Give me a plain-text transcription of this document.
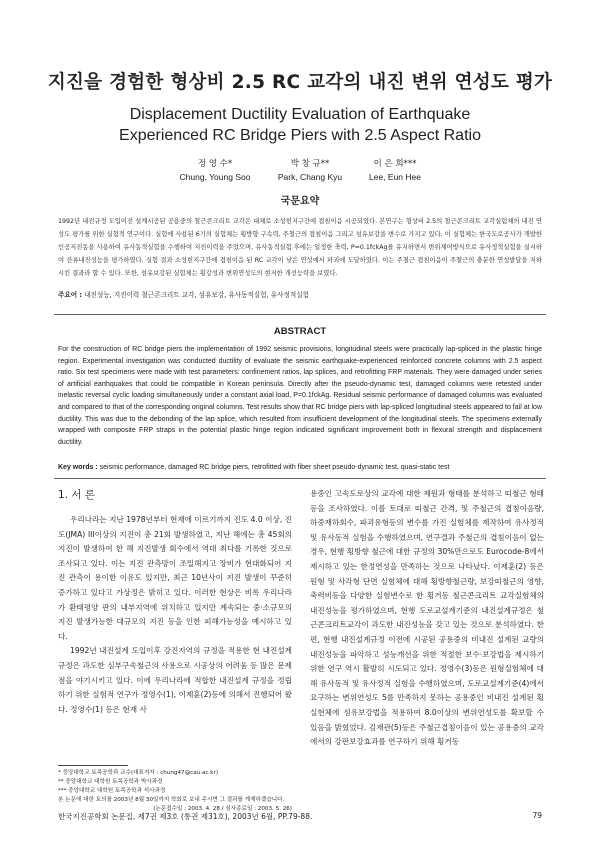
지진을 경험한 형상비 2.5 RC 교각의 내진 변위 연성도 평가
Displacement Ductility Evaluation of Earthquake
Experienced RC Bridge Piers with 2.5 Aspect Ratio
정 영 수*
Chung, Young Soo
박 창 규**
Park, Chang Kyu
이 은 희***
Lee, Eun Hee
국문요약
1992년 내진규정 도입이전 설계시공된 공용중의 철근콘크리트 교각은 대체로 소성힌지구간에 겹침이음 시공되었다. 본연구는 형상비 2.5의 철근콘크리트 교각실험체의 내진 연성도 평가를 위한 실험적 연구이다. 실험에 사용된 6기의 실험체는 횡방향 구속력, 주철근의 겹침이음 그리고 섬유보강을 변수로 가지고 있다. 이 실험체는 한국도로공사가 개발한 인공지진동을 사용하여 유사동적실험을 수행하여 지진이력을 주었으며, 유사동적실험 후에는 일정한 축력, P=0.1fckAg를 유지하면서 변위제어방식으로 유사정적실험을 실시하여 잔류내진성능을 평가하였다. 실험 결과 소성힌지구간에 겹침이음 된 RC 교각이 낮은 연성에서 파괴에 도달하였다. 이는 주철근 겹침이음이 주철근의 충분한 연성발달을 저하시킨 결과라 할 수 있다. 또한, 섬유보강된 실험체는 횡강성과 변위연성도의 현저한 개선능력을 보였다.
주요어 : 내진성능, 지진이력 철근콘크리트 교각, 섬유보강, 유사동적실험, 유사정적실험
ABSTRACT
For the construction of RC bridge piers the implementation of 1992 seismic provisions, longitudinal steels were practically lap-spliced in the plastic hinge region. Experimental investigation was conducted ductility of evaluate the seismic earthquake-experienced reinforced concrete columns with 2.5 aspect ratio. Six test specimens were made with test parameters: confinement ratios, lap splices, and retrofitting FRP materials. They were damaged under series of artificial earthquakes that could be compatible in Korean peninsula. Directly after the pseudo-dynamic test, damaged columns were retested under inelastic reversal cyclic loading simultaneously under a constant axial load, P=0.1fckAg. Residual seismic performance of damaged columns was evaluated and compared to that of the corresponding original columns. Test results show that RC bridge piers with lap-spliced longitudinal steels appeared to fail at low ductility. This was due to the debonding of the lap splice, which resulted from insufficient development of the longitudinal steels. The specimens externally wrapped with composite FRP straps in the potential plastic hinge region indicated significant improvement both in flexural strength and displacement ductility.
Key words : seismic performance, damaged RC bridge piers, retrofitted with fiber sheet pseudo-dynamic test, quasi-static test
1. 서 론

우리나라는 지난 1978년부터 현재에 이르기까지 진도 4.0 이상, 진도(JMA) III이상의 지진이 총 21회 발생하였고, 지난 해에는 총 45회의 지진이 발생하여 한 해 지진발생 회수에서 역대 최다를 기록한 것으로 조사되고 있다. 이는 지진 관측망이 조밀해지고 장비가 현대화되어 지진 관측이 용이한 이유도 있지만, 최근 10년사이 지진 발생이 꾸준히 증가하고 있다고 가상정은 밝히고 있다. 이러한 현상은 비록 우리나라가 환태평양 판의 내부지역에 위치하고 있지만 계속되는 중·소규모의 지진 발생가능한 대규모의 지진 등을 인한 피해가능성을 예시하고 있다.

1992년 내진설계 도입이후 강진지역의 규정을 적용한 현 내진설계 규정은 과도한 심부구속철근의 사용으로 시공상의 어려움 등 많은 문제점을 야기시키고 있다. 이에 우리나라에 적합한 내진설계 규정을 정립하기 위한 실험적 연구가 정영수(1), 이제훈(2)등에 의해서 진행되어 왔다. 정영수(1) 등은 현재 사

* 중앙대학교 토목공학과 교수(대표저자 : chung47@cau.ac.kr)
** 중앙대학교 대학원 토목공학과 박사과정
*** 중앙대학교 대학원 토목공학과 석사과정
본 논문에 대한 토의를 2003년 8월 30일까지 학회로 보내 주시면 그 결과를 게재하겠습니다.
(논문접수일 : 2003. 4. 28 / 심사종료일 : 2003. 5. 26)
용중인 고속도로상의 교각에 대한 제원과 형태를 분석하고 띠철근 형태등을 조사하였다. 이를 토대로 띠철근 간격, 및 주철근의 겹침이음량, 하중재하회수, 파괴유형등의 변수를 가진 실험체를 제작하여 유사정적 및 유사동적 실험을 수행하였으며, 연구결과 주철근의 겹침이음이 없는 경우, 현행 횡방향 철근에 대한 규정의 30%만으로도 Eurocode-8에서 제시하고 있는 한정연성을 만족하는 것으로 나타났다. 이제훈(2) 등은 원형 및 사각형 단면 실험체에 대해 횡방향철근량, 보강띠철근의 영향, 축력비등을 다양한 실험변수로 한 횡거동 철근콘크리트 교각실험체의 내진성능을 평가하였으며, 현행 도로교설계기준의 내진설계규정은 철근콘크리트교각이 과도한 내진성능을 갖고 있는 것으로 분석하였다. 한편, 현행 내진설계규정 이전에 시공된 공용중의 비내진 설계된 교량의 내진성능을 파악하고 성능개선을 위한 적절한 보수·보강법을 제시하기 위한 연구 역시 활발히 시도되고 있다. 정영수(3)등은 원형실험체에 대해 유사동적 및 유사정적 실험을 수행하였으며, 도로교설계기준(4)에서 요구하는 변위연성도 5를 만족하지 못하는 공용중인 비내진 설계된 횡실현체에 섬유보강법을 적용하여 8.0이상의 변위연성도를 확보할 수 있음을 밝혔었다. 김재관(5)등은 주철근겹침이음이 있는 공용중의 교각에서의 강판보강효과를 연구하기 위해 횡거동
한국지진공학회 논문집, 제7권 제3호 (통권 제31호), 2003년 6월, PP.79-88.	79
